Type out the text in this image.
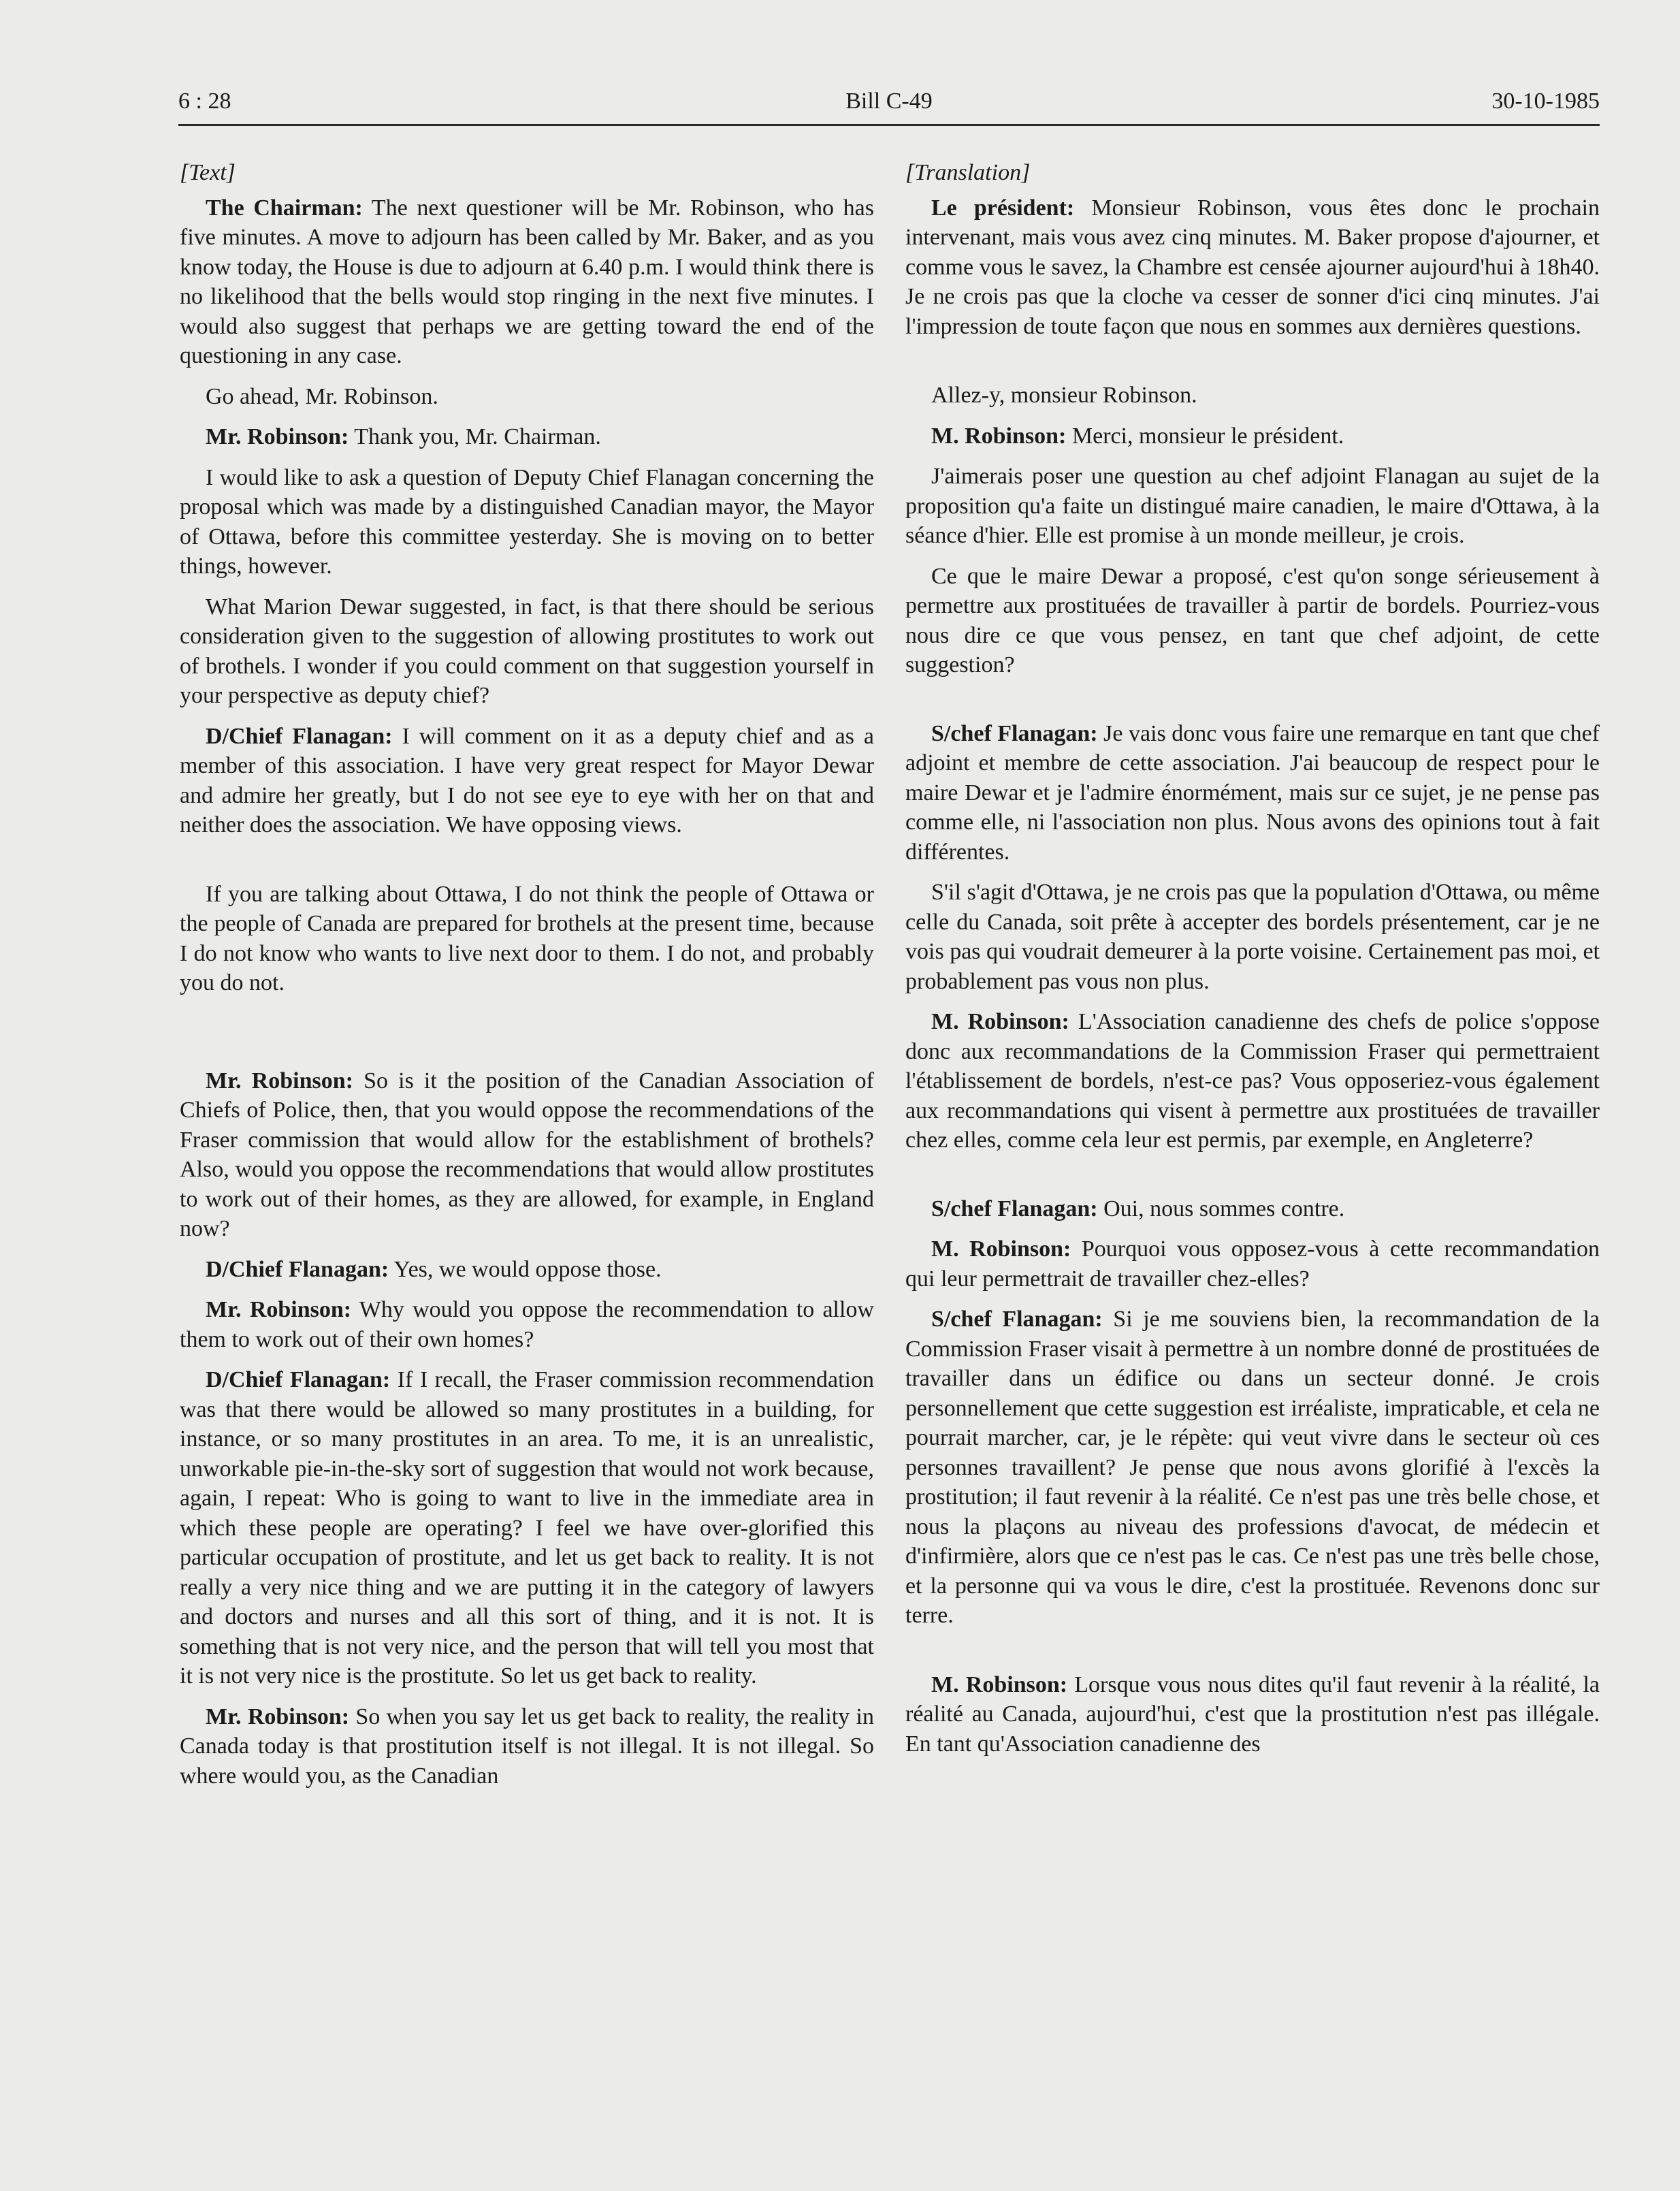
6 : 28	Bill C-49	30-10-1985

[Text]

The Chairman: The next questioner will be Mr. Robinson, who has five minutes. A move to adjourn has been called by Mr. Baker, and as you know today, the House is due to adjourn at 6.40 p.m. I would think there is no likelihood that the bells would stop ringing in the next five minutes. I would also suggest that perhaps we are getting toward the end of the questioning in any case.

Go ahead, Mr. Robinson.

Mr. Robinson: Thank you, Mr. Chairman.

I would like to ask a question of Deputy Chief Flanagan concerning the proposal which was made by a distinguished Canadian mayor, the Mayor of Ottawa, before this committee yesterday. She is moving on to better things, however.

What Marion Dewar suggested, in fact, is that there should be serious consideration given to the suggestion of allowing prostitutes to work out of brothels. I wonder if you could comment on that suggestion yourself in your perspective as deputy chief?

D/Chief Flanagan: I will comment on it as a deputy chief and as a member of this association. I have very great respect for Mayor Dewar and admire her greatly, but I do not see eye to eye with her on that and neither does the association. We have opposing views.

If you are talking about Ottawa, I do not think the people of Ottawa or the people of Canada are prepared for brothels at the present time, because I do not know who wants to live next door to them. I do not, and probably you do not.

Mr. Robinson: So is it the position of the Canadian Association of Chiefs of Police, then, that you would oppose the recommendations of the Fraser commission that would allow for the establishment of brothels? Also, would you oppose the recommendations that would allow prostitutes to work out of their homes, as they are allowed, for example, in England now?

D/Chief Flanagan: Yes, we would oppose those.

Mr. Robinson: Why would you oppose the recommendation to allow them to work out of their own homes?

D/Chief Flanagan: If I recall, the Fraser commission recommendation was that there would be allowed so many prostitutes in a building, for instance, or so many prostitutes in an area. To me, it is an unrealistic, unworkable pie-in-the-sky sort of suggestion that would not work because, again, I repeat: Who is going to want to live in the immediate area in which these people are operating? I feel we have over-glorified this particular occupation of prostitute, and let us get back to reality. It is not really a very nice thing and we are putting it in the category of lawyers and doctors and nurses and all this sort of thing, and it is not. It is something that is not very nice, and the person that will tell you most that it is not very nice is the prostitute. So let us get back to reality.

Mr. Robinson: So when you say let us get back to reality, the reality in Canada today is that prostitution itself is not illegal. It is not illegal. So where would you, as the Canadian

[Translation]

Le président: Monsieur Robinson, vous êtes donc le prochain intervenant, mais vous avez cinq minutes. M. Baker propose d'ajourner, et comme vous le savez, la Chambre est censée ajourner aujourd'hui à 18h40. Je ne crois pas que la cloche va cesser de sonner d'ici cinq minutes. J'ai l'impression de toute façon que nous en sommes aux dernières questions.

Allez-y, monsieur Robinson.

M. Robinson: Merci, monsieur le président.

J'aimerais poser une question au chef adjoint Flanagan au sujet de la proposition qu'a faite un distingué maire canadien, le maire d'Ottawa, à la séance d'hier. Elle est promise à un monde meilleur, je crois.

Ce que le maire Dewar a proposé, c'est qu'on songe sérieusement à permettre aux prostituées de travailler à partir de bordels. Pourriez-vous nous dire ce que vous pensez, en tant que chef adjoint, de cette suggestion?

S/chef Flanagan: Je vais donc vous faire une remarque en tant que chef adjoint et membre de cette association. J'ai beaucoup de respect pour le maire Dewar et je l'admire énormément, mais sur ce sujet, je ne pense pas comme elle, ni l'association non plus. Nous avons des opinions tout à fait différentes.

S'il s'agit d'Ottawa, je ne crois pas que la population d'Ottawa, ou même celle du Canada, soit prête à accepter des bordels présentement, car je ne vois pas qui voudrait demeurer à la porte voisine. Certainement pas moi, et probablement pas vous non plus.

M. Robinson: L'Association canadienne des chefs de police s'oppose donc aux recommandations de la Commission Fraser qui permettraient l'établissement de bordels, n'est-ce pas? Vous opposeriez-vous également aux recommandations qui visent à permettre aux prostituées de travailler chez elles, comme cela leur est permis, par exemple, en Angleterre?

S/chef Flanagan: Oui, nous sommes contre.

M. Robinson: Pourquoi vous opposez-vous à cette recommandation qui leur permettrait de travailler chez-elles?

S/chef Flanagan: Si je me souviens bien, la recommandation de la Commission Fraser visait à permettre à un nombre donné de prostituées de travailler dans un édifice ou dans un secteur donné. Je crois personnellement que cette suggestion est irréaliste, impraticable, et cela ne pourrait marcher, car, je le répète: qui veut vivre dans le secteur où ces personnes travaillent? Je pense que nous avons glorifié à l'excès la prostitution; il faut revenir à la réalité. Ce n'est pas une très belle chose, et nous la plaçons au niveau des professions d'avocat, de médecin et d'infirmière, alors que ce n'est pas le cas. Ce n'est pas une très belle chose, et la personne qui va vous le dire, c'est la prostituée. Revenons donc sur terre.

M. Robinson: Lorsque vous nous dites qu'il faut revenir à la réalité, la réalité au Canada, aujourd'hui, c'est que la prostitution n'est pas illégale. En tant qu'Association canadienne des
